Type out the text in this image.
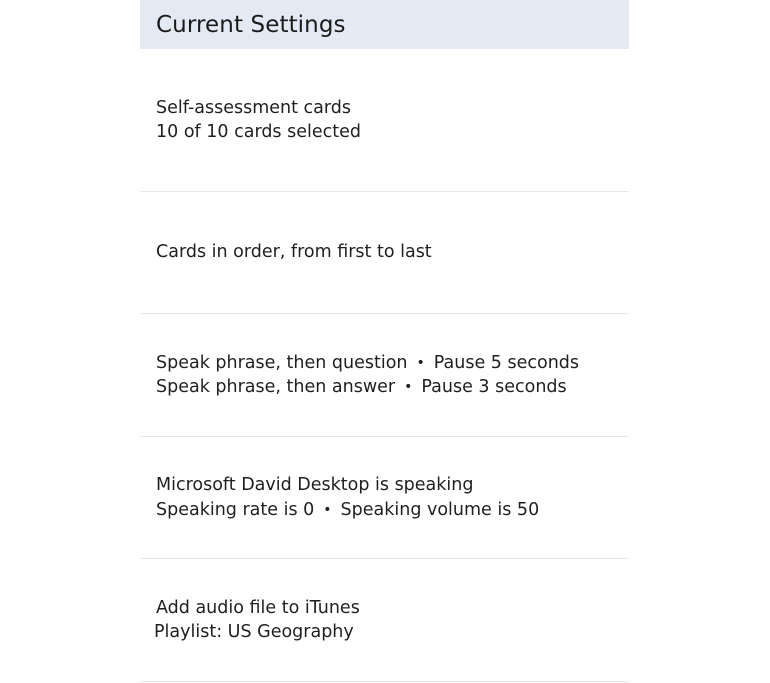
Current Settings
Self-assessment cards
10 of 10 cards selected
Cards in order, from first to last
Speak phrase, then question • Pause 5 seconds
Speak phrase, then answer • Pause 3 seconds
Microsoft David Desktop is speaking
Speaking rate is 0 • Speaking volume is 50
Add audio file to iTunes
Playlist: US Geography
